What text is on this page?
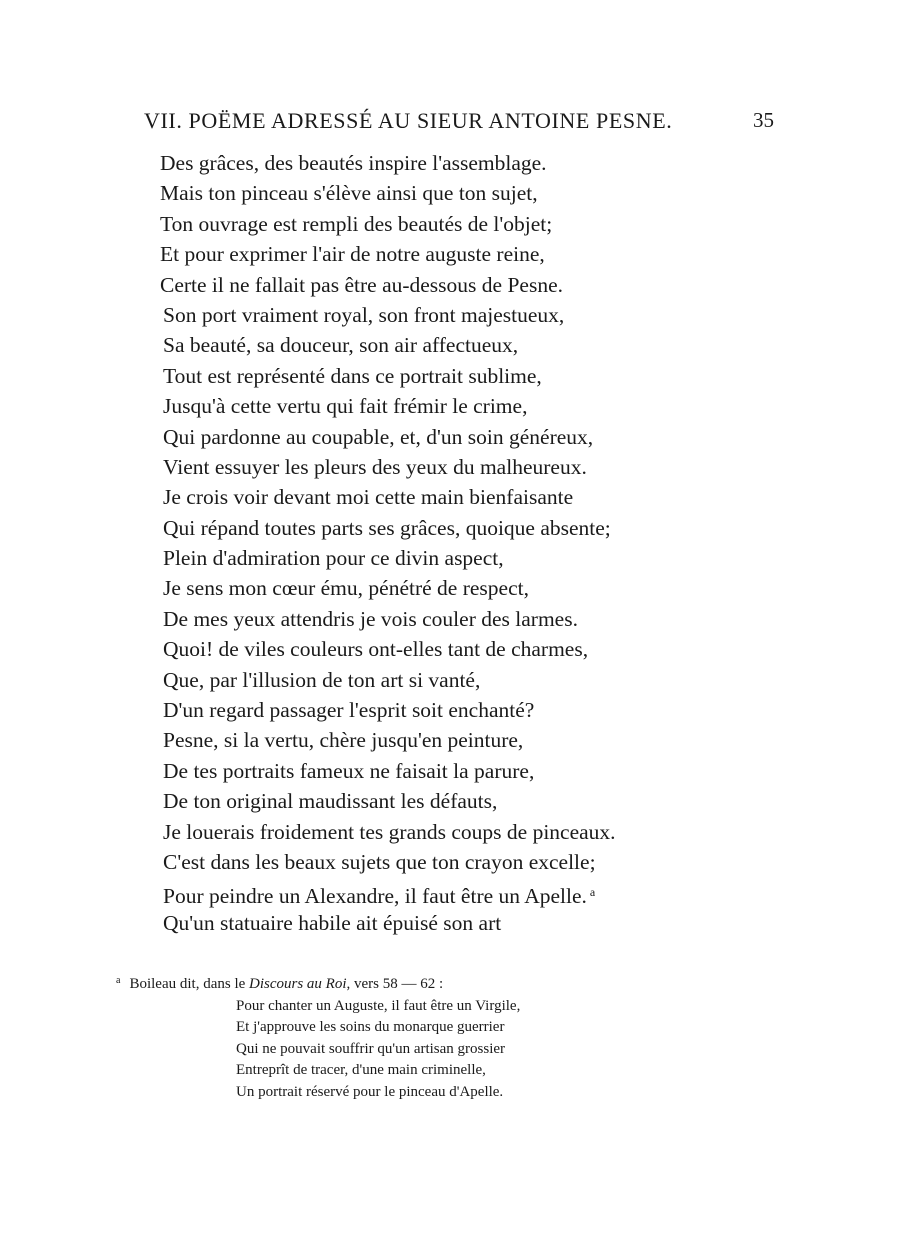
VII. POËME ADRESSÉ AU SIEUR ANTOINE PESNE.	35
Des grâces, des beautés inspire l'assemblage.
Mais ton pinceau s'élève ainsi que ton sujet,
Ton ouvrage est rempli des beautés de l'objet;
Et pour exprimer l'air de notre auguste reine,
Certe il ne fallait pas être au-dessous de Pesne.
Son port vraiment royal, son front majestueux,
Sa beauté, sa douceur, son air affectueux,
Tout est représenté dans ce portrait sublime,
Jusqu'à cette vertu qui fait frémir le crime,
Qui pardonne au coupable, et, d'un soin généreux,
Vient essuyer les pleurs des yeux du malheureux.
Je crois voir devant moi cette main bienfaisante
Qui répand toutes parts ses grâces, quoique absente;
Plein d'admiration pour ce divin aspect,
Je sens mon cœur ému, pénétré de respect,
De mes yeux attendris je vois couler des larmes.
Quoi! de viles couleurs ont-elles tant de charmes,
Que, par l'illusion de ton art si vanté,
D'un regard passager l'esprit soit enchanté?
Pesne, si la vertu, chère jusqu'en peinture,
De tes portraits fameux ne faisait la parure,
De ton original maudissant les défauts,
Je louerais froidement tes grands coups de pinceaux.
C'est dans les beaux sujets que ton crayon excelle;
Pour peindre un Alexandre, il faut être un Apelle. $^a$
Qu'un statuaire habile ait épuisé son art
$^a$ Boileau dit, dans le Discours au Roi, vers 58 — 62 :
Pour chanter un Auguste, il faut être un Virgile,
Et j'approuve les soins du monarque guerrier
Qui ne pouvait souffrir qu'un artisan grossier
Entreprît de tracer, d'une main criminelle,
Un portrait réservé pour le pinceau d'Apelle.
